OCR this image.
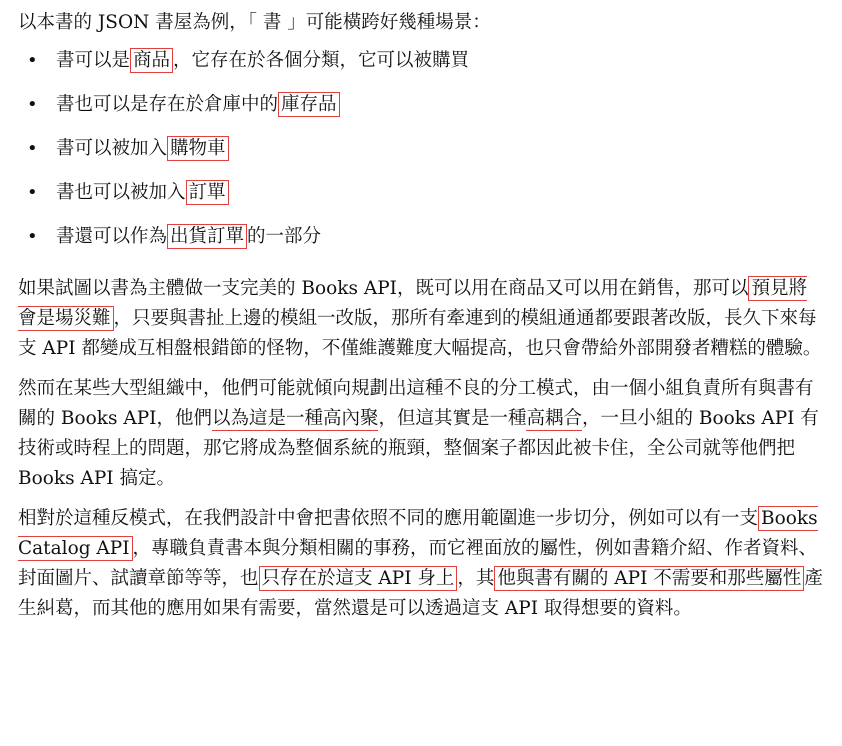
以本書的 JSON 書屋為例，「 書 」可能橫跨好幾種場景：

• 書可以是 商品 ，它存在於各個分類，它可以被購買
• 書也可以是存在於倉庫中的 庫存品
• 書可以被加入 購物車
• 書也可以被加入 訂單
• 書還可以作為 出貨訂單 的一部分

如果試圖以書為主體做一支完美的 Books API，既可以用在商品又可以用在銷售，那可以 預見將會是場災難 ，只要與書扯上邊的模組一改版，那所有牽連到的模組通通都要跟著改版，長久下來每支 API 都變成互相盤根錯節的怪物，不僅維護難度大幅提高，也只會帶給外部開發者糟糕的體驗。

然而在某些大型組織中，他們可能就傾向規劃出這種不良的分工模式，由一個小組負責所有與書有關的 Books API，他們以為這是一種高內聚，但這其實是一種高耦合，一旦小組的 Books API 有技術或時程上的問題，那它將成為整個系統的瓶頸，整個案子都因此被卡住，全公司就等他們把 Books API 搞定。

相對於這種反模式，在我們設計中會把書依照不同的應用範圍進一步切分，例如可以有一支 Books Catalog API ，專職負責書本與分類相關的事務，而它裡面放的屬性，例如書籍介紹、作者資料、封面圖片、試讀章節等等，也 只存在於這支 API 身上 ，其 他與書有關的 API 不需要和那些屬性 產生糾葛，而其他的應用如果有需要，當然還是可以透過這支 API 取得想要的資料。
